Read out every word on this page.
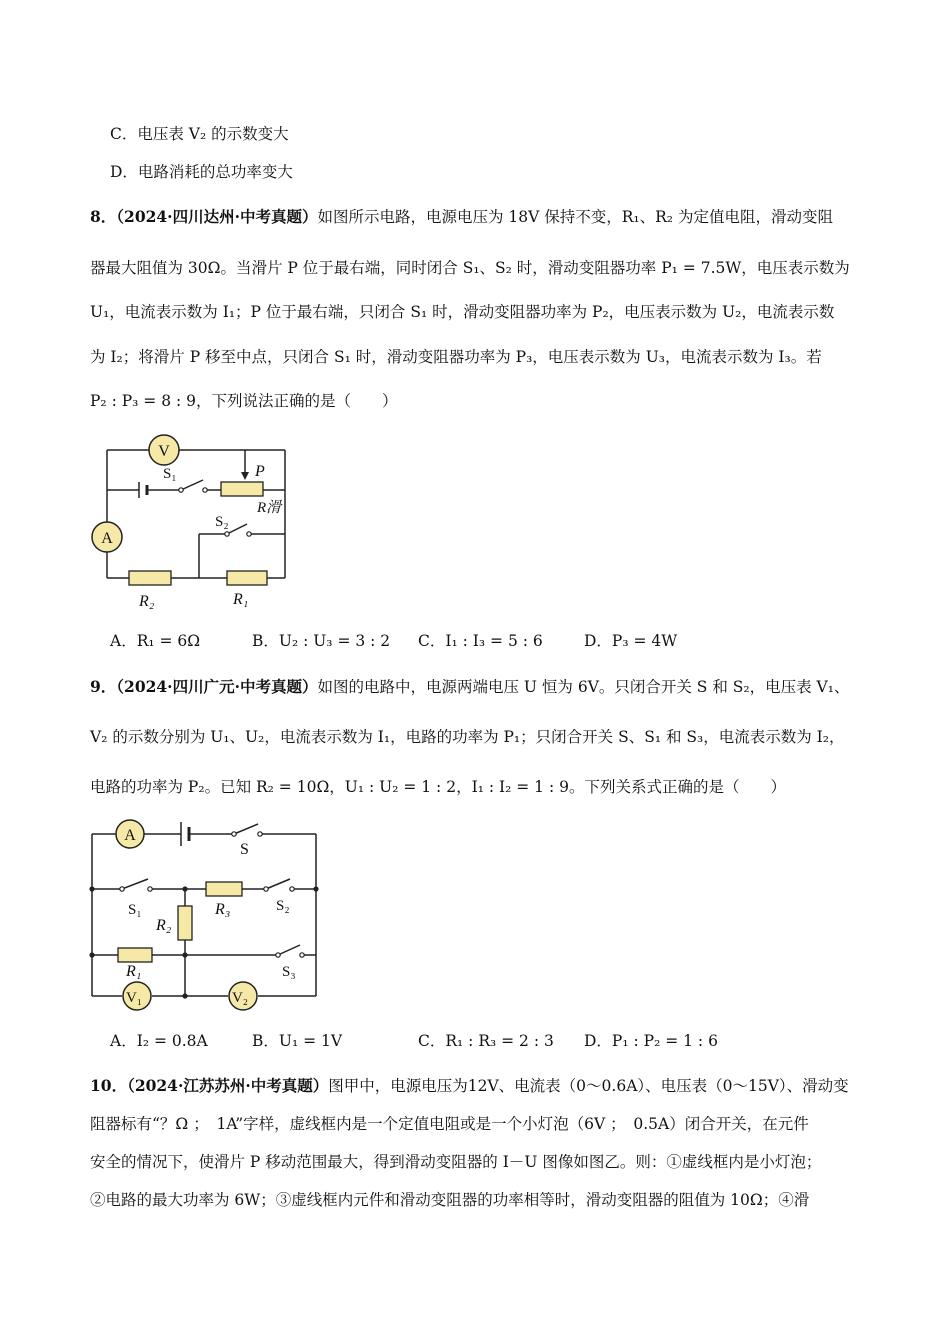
C．电压表 V₂ 的示数变大
D．电路消耗的总功率变大
8．（2024·四川达州·中考真题）如图所示电路，电源电压为 18V 保持不变，R₁、R₂ 为定值电阻，滑动变阻
器最大阻值为 30Ω。当滑片 P 位于最右端，同时闭合 S₁、S₂ 时，滑动变阻器功率 P₁ = 7.5W，电压表示数为
U₁，电流表示数为 I₁；P 位于最右端，只闭合 S₁ 时，滑动变阻器功率为 P₂，电压表示数为 U₂，电流表示数
为 I₂；将滑片 P 移至中点，只闭合 S₁ 时，滑动变阻器功率为 P₃，电压表示数为 U₃，电流表示数为 I₃。若
P₂ : P₃ = 8 : 9，下列说法正确的是（　　）
V
A
S₁	P
R滑
S₂
R₂	R₁
A．R₁ = 6Ω	B．U₂ : U₃ = 3 : 2 C．I₁ : I₃ = 5 : 6	D．P₃ = 4W
9．（2024·四川广元·中考真题）如图的电路中，电源两端电压 U 恒为 6V。只闭合开关 S 和 S₂，电压表 V₁、
V₂ 的示数分别为 U₁、U₂，电流表示数为 I₁，电路的功率为 P₁；只闭合开关 S、S₁ 和 S₃，电流表示数为 I₂，
电路的功率为 P₂。已知 R₂ = 10Ω，U₁ : U₂ = 1 : 2，I₁ : I₂ = 1 : 9。下列关系式正确的是（　　）
A
V₁	V₂
S
S₁	R₃	S₂
R₂
R₁	S₃
A．I₂ = 0.8A	B．U₁ = 1V	C．R₁ : R₃ = 2 : 3 D．P₁ : P₂ = 1 : 6
10．（2024·江苏苏州·中考真题）图甲中，电源电压为12V、电流表（0～0.6A）、电压表（0～15V）、滑动变
阻器标有“？Ω ；　1A”字样，虚线框内是一个定值电阻或是一个小灯泡（6V ；　0.5A）闭合开关，在元件
安全的情况下，使滑片 P 移动范围最大，得到滑动变阻器的 I－U 图像如图乙。则：①虚线框内是小灯泡；
②电路的最大功率为 6W；③虚线框内元件和滑动变阻器的功率相等时，滑动变阻器的阻值为 10Ω；④滑
